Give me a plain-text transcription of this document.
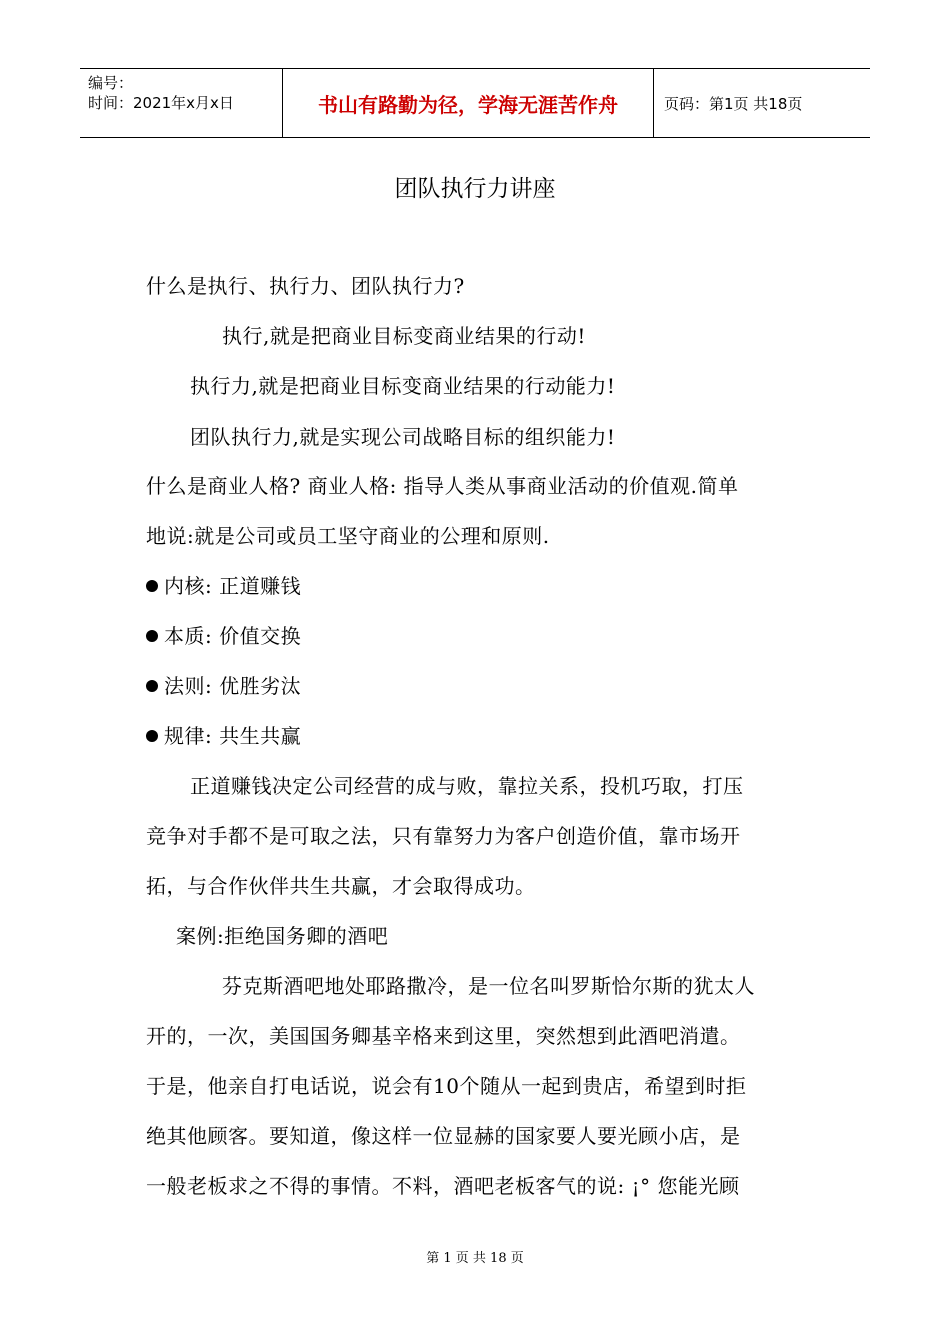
编号：
时间：2021年x月x日	书山有路勤为径，学海无涯苦作舟	页码：第1页 共18页
团队执行力讲座
什么是执行、执行力、团队执行力?
执行,就是把商业目标变商业结果的行动!
执行力,就是把商业目标变商业结果的行动能力!
团队执行力,就是实现公司战略目标的组织能力!
什么是商业人格? 商业人格: 指导人类从事商业活动的价值观.简单
地说:就是公司或员工坚守商业的公理和原则.
内核: 正道赚钱
本质: 价值交换
法则: 优胜劣汰
规律: 共生共赢
正道赚钱决定公司经营的成与败，靠拉关系，投机巧取，打压
竞争对手都不是可取之法，只有靠努力为客户创造价值，靠市场开
拓，与合作伙伴共生共赢，才会取得成功。
案例:拒绝国务卿的酒吧
芬克斯酒吧地处耶路撒冷，是一位名叫罗斯恰尔斯的犹太人
开的，一次，美国国务卿基辛格来到这里，突然想到此酒吧消遣。
于是，他亲自打电话说，说会有10个随从一起到贵店，希望到时拒
绝其他顾客。要知道，像这样一位显赫的国家要人要光顾小店，是
一般老板求之不得的事情。不料，酒吧老板客气的说: ¡° 您能光顾
第 1 页 共 18 页
